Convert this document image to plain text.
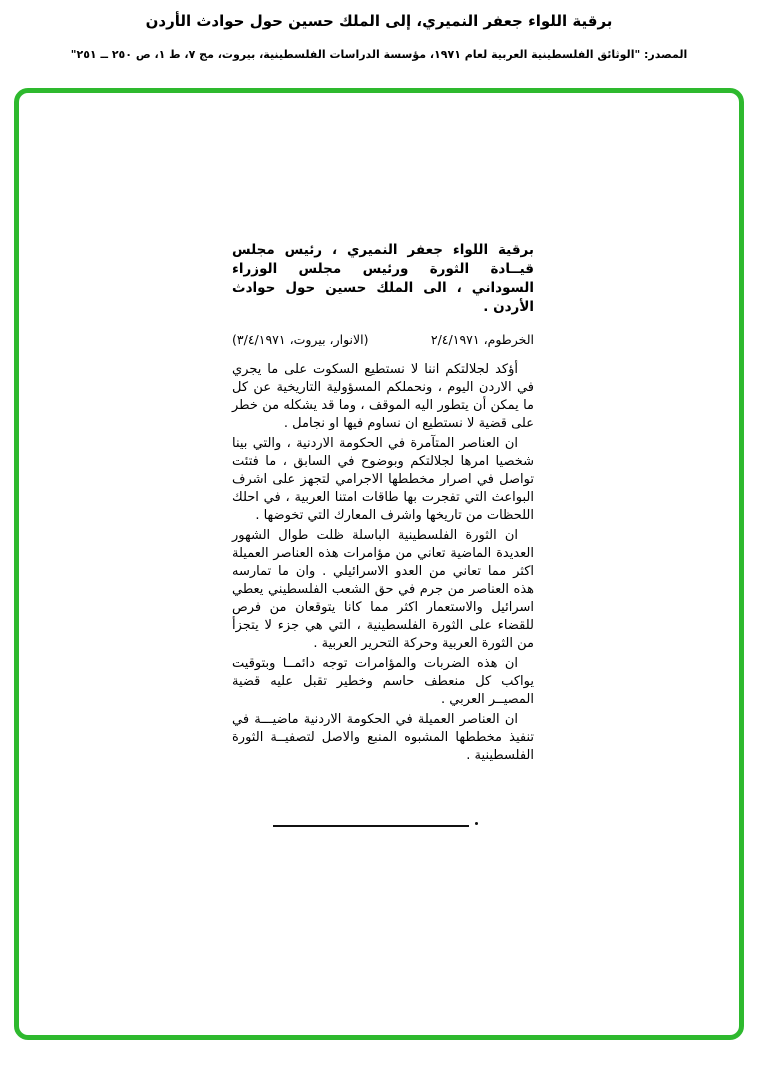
برقية اللواء جعفر النميري، إلى الملك حسين حول حوادث الأردن
المصدر: "الوثائق الفلسطينية العربية لعام ١٩٧١، مؤسسة الدراسات الفلسطينية، بيروت، مج ٧، ط ١، ص ٢٥٠ ــ ٢٥١"

برقية اللواء جعفر النميري ، رئيس مجلس قيــادة الثورة ورئيس مجلس الوزراء السوداني ، الى الملك حسين حول حوادث الأردن .

الخرطوم، ٢/٤/١٩٧١
(الانوار، بيروت، ٣/٤/١٩٧١)

أؤكد لجلالتكم اننا لا نستطيع السكوت على ما يجري في الاردن اليوم ، ونحملكم المسؤولية التاريخية عن كل ما يمكن أن يتطور اليه الموقف ، وما قد يشكله من خطر على قضية لا نستطيع ان نساوم فيها او نجامل .

ان العناصر المتآمرة في الحكومة الاردنية ، والتي بينا شخصيا امرها لجلالتكم وبوضوح في السابق ، ما فتئت تواصل في اصرار مخططها الاجرامي لتجهز على اشرف البواعث التي تفجرت بها طاقات امتنا العربية ، في احلك اللحظات من تاريخها واشرف المعارك التي تخوضها .

ان الثورة الفلسطينية الباسلة ظلت طوال الشهور العديدة الماضية تعاني من مؤامرات هذه العناصر العميلة اكثر مما تعاني من العدو الاسرائيلي . وان ما تمارسه هذه العناصر من جرم في حق الشعب الفلسطيني يعطي اسرائيل والاستعمار اكثر مما كانا يتوقعان من فرص للقضاء على الثورة الفلسطينية ، التي هي جزء لا يتجزأ من الثورة العربية وحركة التحرير العربية .

ان هذه الضربات والمؤامرات توجه دائمــا وبتوقيت يواكب كل منعطف حاسم وخطير تقبل عليه قضية المصيــر العربي .

ان العناصر العميلة في الحكومة الاردنية ماضيـــة في تنفيذ مخططها المشبوه المنبع والاصل لتصفيــة الثورة الفلسطينية .
